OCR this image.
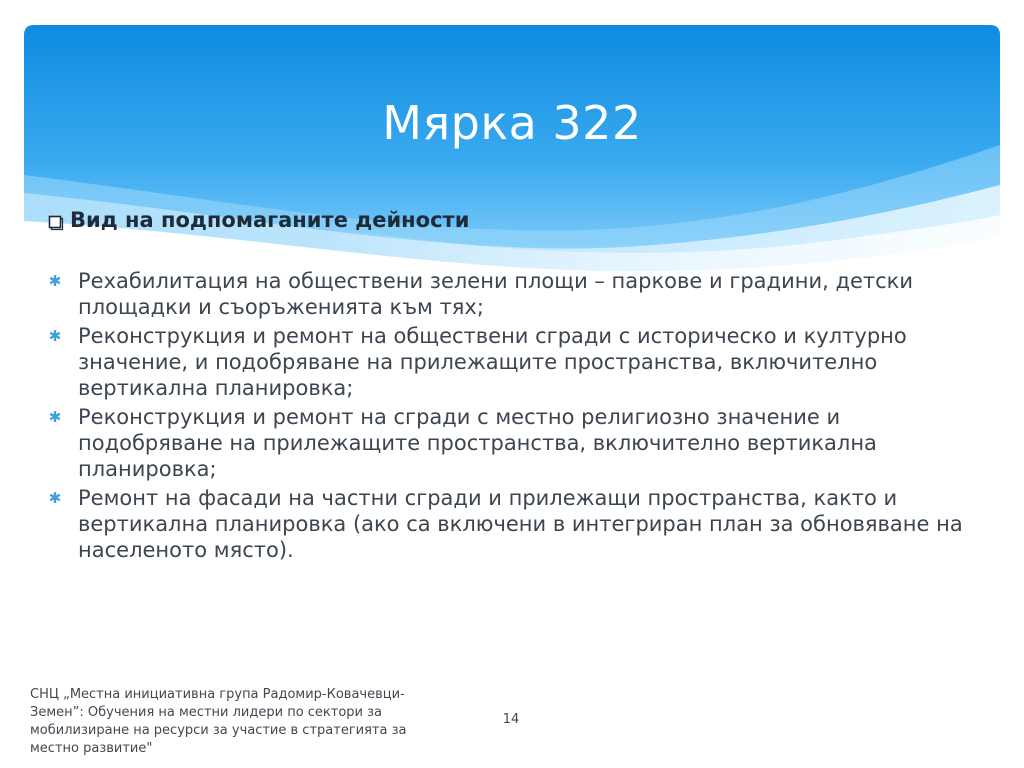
Мярка 322
Вид на подпомаганите дейности
✱ Рехабилитация на обществени зелени площи – паркове и градини, детски площадки и съоръженията към тях;
✱ Реконструкция и ремонт на обществени сгради с историческо и културно значение, и подобряване на прилежащите пространства, включително вертикална планировка;
✱ Реконструкция и ремонт на сгради с местно религиозно значение и подобряване на прилежащите пространства, включително вертикална планировка;
✱ Ремонт на фасади на частни сгради и прилежащи пространства, както и вертикална планировка (ако са включени в интегриран план за обновяване на населеното място).
СНЦ „Местна инициативна група Радомир-Ковачевци-Земен”: Обучения на местни лидери по сектори за мобилизиране на ресурси за участие в стратегията за местно развитие"
14
